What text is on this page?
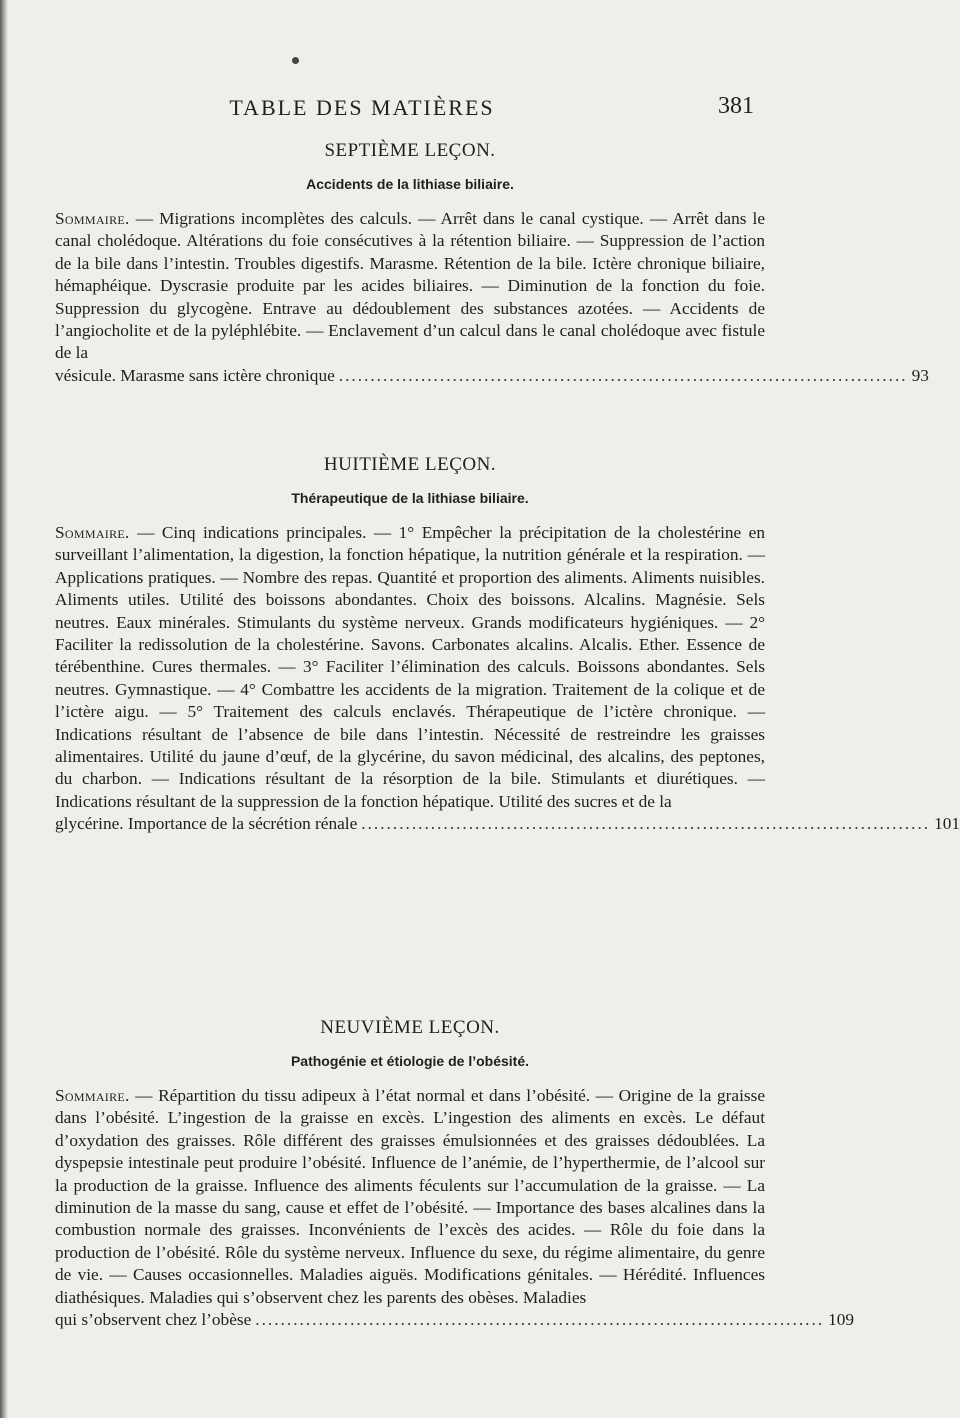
TABLE DES MATIÈRES	381

SEPTIÈME LEÇON.

Accidents de la lithiase biliaire.

Sommaire. — Migrations incomplètes des calculs. — Arrêt dans le canal cystique. — Arrêt dans le canal cholédoque. Altérations du foie consécutives à la rétention biliaire. — Suppression de l’action de la bile dans l’intestin. Troubles digestifs. Marasme. Rétention de la bile. Ictère chronique biliaire, hémaphéique. Dyscrasie produite par les acides biliaires. — Diminution de la fonction du foie. Suppression du glycogène. Entrave au dédoublement des substances azotées. — Accidents de l’angiocholite et de la pyléphlébite. — Enclavement d’un calcul dans le canal cholédoque avec fistule de la

vésicule. Marasme sans ictère chronique .......................................................................................... 93

HUITIÈME LEÇON.

Thérapeutique de la lithiase biliaire.

Sommaire. — Cinq indications principales. — 1° Empêcher la précipitation de la cholestérine en surveillant l’alimentation, la digestion, la fonction hépatique, la nutrition générale et la respiration. — Applications pratiques. — Nombre des repas. Quantité et proportion des aliments. Aliments nuisibles. Aliments utiles. Utilité des boissons abondantes. Choix des boissons. Alcalins. Magnésie. Sels neutres. Eaux minérales. Stimulants du système nerveux. Grands modificateurs hygiéniques. — 2° Faciliter la redissolution de la cholestérine. Savons. Carbonates alcalins. Alcalis. Ether. Essence de térébenthine. Cures thermales. — 3° Faciliter l’élimination des calculs. Boissons abondantes. Sels neutres. Gymnastique. — 4° Combattre les accidents de la migration. Traitement de la colique et de l’ictère aigu. — 5° Traitement des calculs enclavés. Thérapeutique de l’ictère chronique. — Indications résultant de l’absence de bile dans l’intestin. Nécessité de restreindre les graisses alimentaires. Utilité du jaune d’œuf, de la glycérine, du savon médicinal, des alcalins, des peptones, du charbon. — Indications résultant de la résorption de la bile. Stimulants et diurétiques. — Indications résultant de la suppression de la fonction hépatique. Utilité des sucres et de la

glycérine. Importance de la sécrétion rénale .......................................................................................... 101

NEUVIÈME LEÇON.

Pathogénie et étiologie de l’obésité.

Sommaire. — Répartition du tissu adipeux à l’état normal et dans l’obésité. — Origine de la graisse dans l’obésité. L’ingestion de la graisse en excès. L’ingestion des aliments en excès. Le défaut d’oxydation des graisses. Rôle différent des graisses émulsionnées et des graisses dédoublées. La dyspepsie intestinale peut produire l’obésité. Influence de l’anémie, de l’hyperthermie, de l’alcool sur la production de la graisse. Influence des aliments féculents sur l’accumulation de la graisse. — La diminution de la masse du sang, cause et effet de l’obésité. — Importance des bases alcalines dans la combustion normale des graisses. Inconvénients de l’excès des acides. — Rôle du foie dans la production de l’obésité. Rôle du système nerveux. Influence du sexe, du régime alimentaire, du genre de vie. — Causes occasionnelles. Maladies aiguës. Modifications génitales. — Hérédité. Influences diathésiques. Maladies qui s’observent chez les parents des obèses. Maladies

qui s’observent chez l’obèse .......................................................................................... 109
